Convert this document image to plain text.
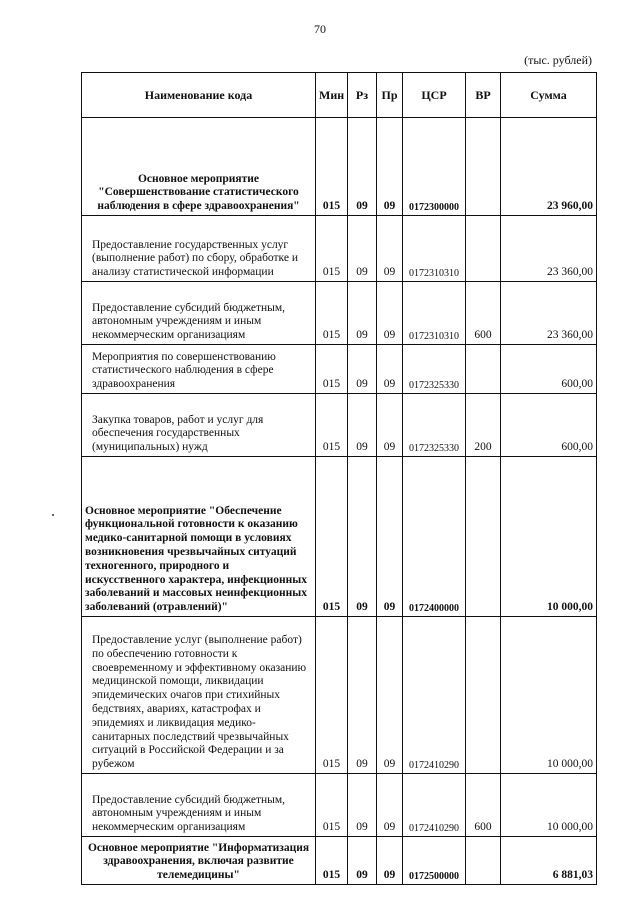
70
(тыс. рублей)
Наименование кода	Мин	Рз	Пр	ЦСР	ВР	Сумма
Основное мероприятие "Совершенствование статистического наблюдения в сфере здравоохранения"	015	09	09	0172300000		23 960,00
Предоставление государственных услуг (выполнение работ) по сбору, обработке и анализу статистической информации	015	09	09	0172310310		23 360,00
Предоставление субсидий бюджетным, автономным учреждениям и иным некоммерческим организациям	015	09	09	0172310310	600	23 360,00
Мероприятия по совершенствованию статистического наблюдения в сфере здравоохранения	015	09	09	0172325330		600,00
Закупка товаров, работ и услуг для обеспечения государственных (муниципальных) нужд	015	09	09	0172325330	200	600,00
Основное мероприятие "Обеспечение функциональной готовности к оказанию медико-санитарной помощи в условиях возникновения чрезвычайных ситуаций техногенного, природного и искусственного характера, инфекционных заболеваний и массовых неинфекционных заболеваний (отравлений)"	015	09	09	0172400000		10 000,00
Предоставление услуг (выполнение работ) по обеспечению готовности к своевременному и эффективному оказанию медицинской помощи, ликвидации эпидемических очагов при стихийных бедствиях, авариях, катастрофах и эпидемиях и ликвидация медико-санитарных последствий чрезвычайных ситуаций в Российской Федерации и за рубежом	015	09	09	0172410290		10 000,00
Предоставление субсидий бюджетным, автономным учреждениям и иным некоммерческим организациям	015	09	09	0172410290	600	10 000,00
Основное мероприятие "Информатизация здравоохранения, включая развитие телемедицины"	015	09	09	0172500000		6 881,03
